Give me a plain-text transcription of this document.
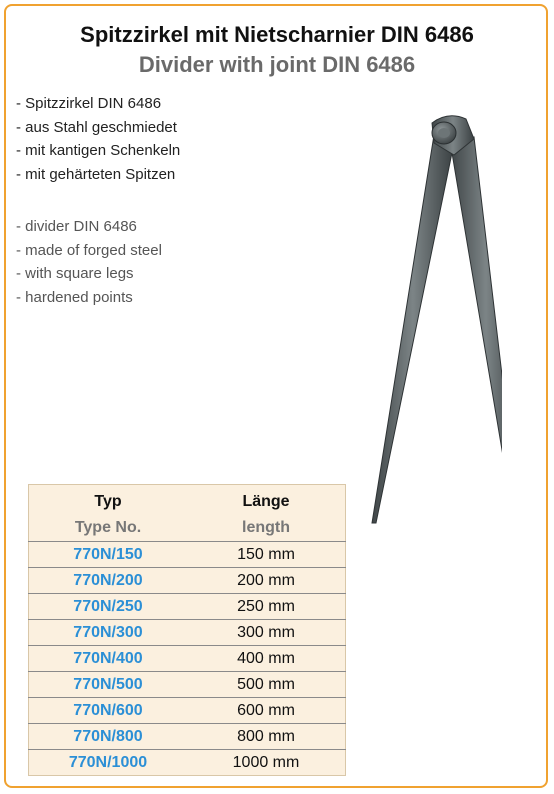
Spitzzirkel mit Nietscharnier DIN 6486
Divider with joint DIN 6486
- Spitzzirkel DIN 6486
- aus Stahl geschmiedet
- mit kantigen Schenkeln
- mit gehärteten Spitzen
- divider DIN 6486
- made of forged steel
- with square legs
- hardened points
Typ	Länge
Type No.	length
770N/150	150 mm
770N/200	200 mm
770N/250	250 mm
770N/300	300 mm
770N/400	400 mm
770N/500	500 mm
770N/600	600 mm
770N/800	800 mm
770N/1000	1000 mm
